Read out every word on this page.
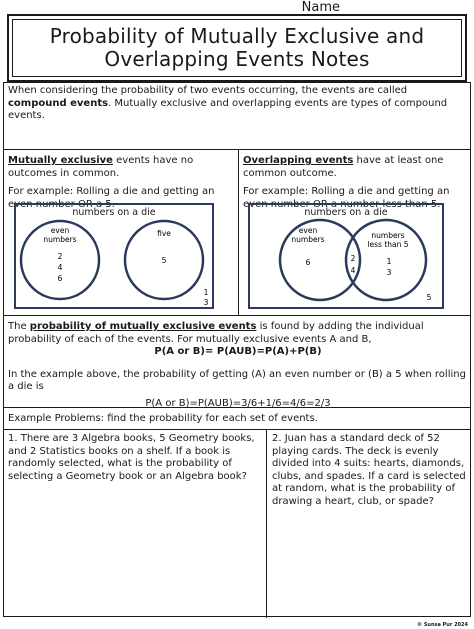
Name
Probability of Mutually Exclusive and
Overlapping Events Notes
When considering the probability of two events occurring, the events are called compound events. Mutually exclusive and overlapping events are types of compound events.

Mutually exclusive events have no outcomes in common.

For example: Rolling a die and getting an even number OR a 5.

Overlapping events have at least one common outcome.

For example: Rolling a die and getting an even number OR a number less than 5.

numbers on a die
even
numbers
2
4
6
five
5
1
3
numbers on a die
even
numbers
6	2
4
numbers
less than 5
1
3
5
The probability of mutually exclusive events is found by adding the individual probability of each of the events. For mutually exclusive events A and B,
P(A or B)= P(AUB)=P(A)+P(B)
In the example above, the probability of getting (A) an even number or (B) a 5 when rolling a die is
P(A or B)=P(AUB)=3/6+1/6=4/6=2/3
Example Problems: find the probability for each set of events.
1. There are 3 Algebra books, 5 Geometry books, and 2 Statistics books on a shelf. If a book is randomly selected, what is the probability of selecting a Geometry book or an Algebra book?
2. Juan has a standard deck of 52 playing cards. The deck is evenly divided into 4 suits: hearts, diamonds, clubs, and spades. If a card is selected at random, what is the probability of drawing a heart, club, or spade?
© Sunsa Pur 2024
